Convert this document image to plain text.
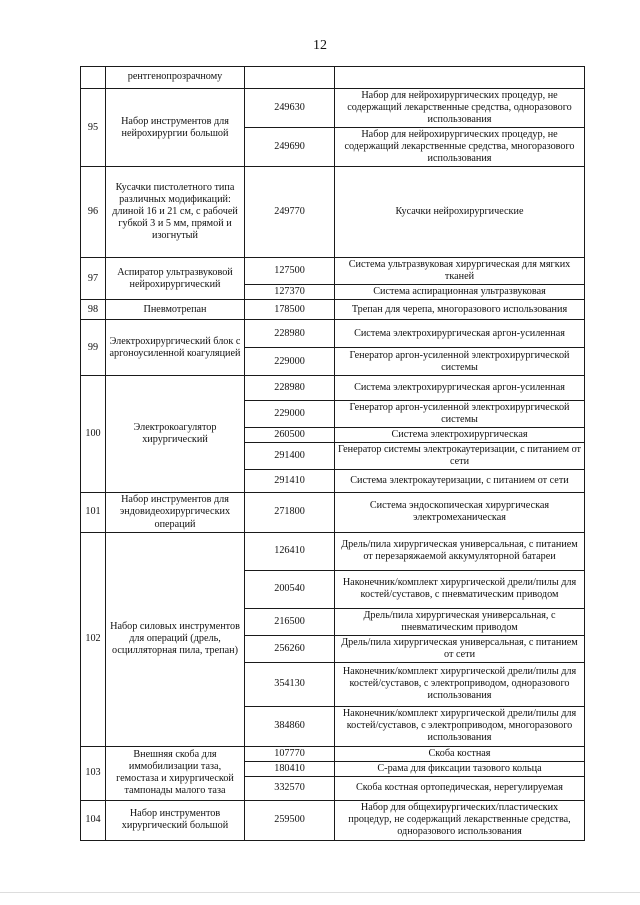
12
	рентгенопрозрачному		
95	Набор инструментов для нейрохирургии большой	249630	Набор для нейрохирургических процедур, не содержащий лекарственные средства, одноразового использования
		249690	Набор для нейрохирургических процедур, не содержащий лекарственные средства, многоразового использования
96	Кусачки пистолетного типа различных модификаций: длиной 16 и 21 см, с рабочей губкой 3 и 5 мм, прямой и изогнутый	249770	Кусачки нейрохирургические
97	Аспиратор ультразвуковой нейрохирургический	127500	Система ультразвуковая хирургическая для мягких тканей
		127370	Система аспирационная ультразвуковая
98	Пневмотрепан	178500	Трепан для черепа, многоразового использования
99	Электрохирургический блок с аргоноусиленной коагуляцией	228980	Система электрохирургическая аргон-усиленная
		229000	Генератор аргон-усиленной электрохирургической системы
100	Электрокоагулятор хирургический	228980	Система электрохирургическая аргон-усиленная
		229000	Генератор аргон-усиленной электрохирургической системы
		260500	Система электрохирургическая
		291400	Генератор системы электрокаутеризации, с питанием от сети
		291410	Система электрокаутеризации, с питанием от сети
101	Набор инструментов для эндовидеохирургических операций	271800	Система эндоскопическая хирургическая электромеханическая
102	Набор силовых инструментов для операций (дрель, осцилляторная пила, трепан)	126410	Дрель/пила хирургическая универсальная, с питанием от перезаряжаемой аккумуляторной батареи
		200540	Наконечник/комплект хирургической дрели/пилы для костей/суставов, с пневматическим приводом
		216500	Дрель/пила хирургическая универсальная, с пневматическим приводом
		256260	Дрель/пила хирургическая универсальная, с питанием от сети
		354130	Наконечник/комплект хирургической дрели/пилы для костей/суставов, с электроприводом, одноразового использования
		384860	Наконечник/комплект хирургической дрели/пилы для костей/суставов, с электроприводом, многоразового использования
103	Внешняя скоба для иммобилизации таза, гемостаза и хирургической тампонады малого таза	107770	Скоба костная
		180410	С-рама для фиксации тазового кольца
		332570	Скоба костная ортопедическая, нерегулируемая
104	Набор инструментов хирургический большой	259500	Набор для общехирургических/пластических процедур, не содержащий лекарственные средства, одноразового использования
